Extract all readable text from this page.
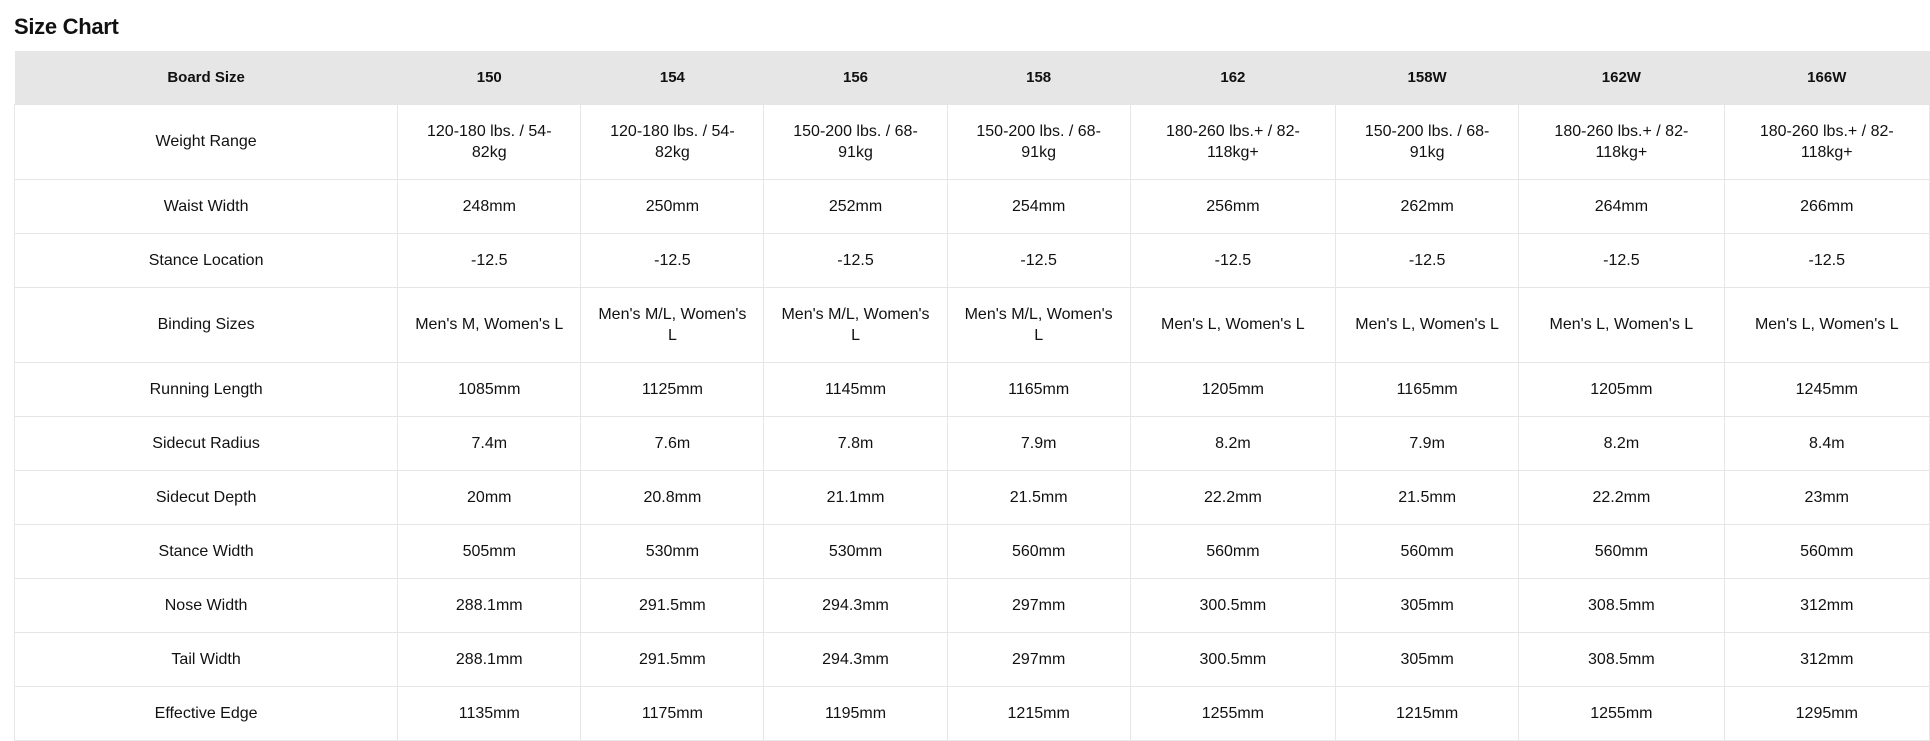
Size Chart
Board Size	150	154	156	158	162	158W	162W	166W
Weight Range	120-180 lbs. / 54-82kg	120-180 lbs. / 54-82kg	150-200 lbs. / 68-91kg	150-200 lbs. / 68-91kg	180-260 lbs.+ / 82-118kg+	150-200 lbs. / 68-91kg	180-260 lbs.+ / 82-118kg+	180-260 lbs.+ / 82-118kg+
Waist Width	248mm	250mm	252mm	254mm	256mm	262mm	264mm	266mm
Stance Location	-12.5	-12.5	-12.5	-12.5	-12.5	-12.5	-12.5	-12.5
Binding Sizes	Men's M, Women's L	Men's M/L, Women's L	Men's M/L, Women's L	Men's M/L, Women's L	Men's L, Women's L	Men's L, Women's L	Men's L, Women's L	Men's L, Women's L
Running Length	1085mm	1125mm	1145mm	1165mm	1205mm	1165mm	1205mm	1245mm
Sidecut Radius	7.4m	7.6m	7.8m	7.9m	8.2m	7.9m	8.2m	8.4m
Sidecut Depth	20mm	20.8mm	21.1mm	21.5mm	22.2mm	21.5mm	22.2mm	23mm
Stance Width	505mm	530mm	530mm	560mm	560mm	560mm	560mm	560mm
Nose Width	288.1mm	291.5mm	294.3mm	297mm	300.5mm	305mm	308.5mm	312mm
Tail Width	288.1mm	291.5mm	294.3mm	297mm	300.5mm	305mm	308.5mm	312mm
Effective Edge	1135mm	1175mm	1195mm	1215mm	1255mm	1215mm	1255mm	1295mm
